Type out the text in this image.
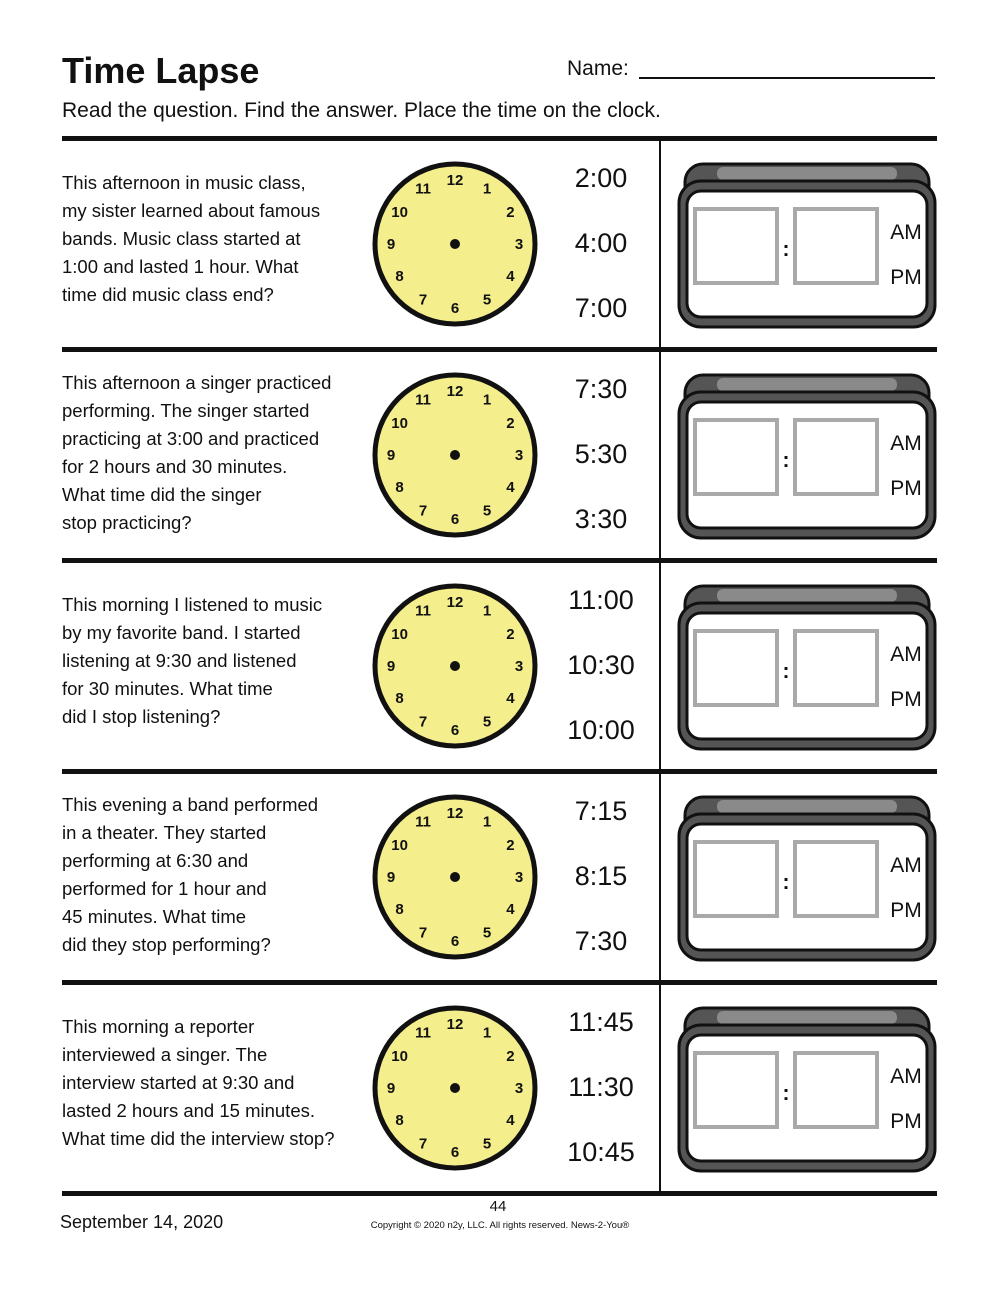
Time Lapse	Name:
Read the question. Find the answer. Place the time on the clock.
This afternoon in music class,
my sister learned about famous
bands. Music class started at
1:00 and lasted 1 hour. What
time did music class end?
12
1
2
3
4
5
6
7
8
9
10
11	2:00
4:00
7:00
:
AM
PM
This afternoon a singer practiced
performing. The singer started
practicing at 3:00 and practiced
for 2 hours and 30 minutes.
What time did the singer
stop practicing?
12
1
2
3
4
5
6
7
8
9
10
11	7:30
5:30
3:30
:
AM
PM
This morning I listened to music
by my favorite band. I started
listening at 9:30 and listened
for 30 minutes. What time
did I stop listening?
12
1
2
3
4
5
6
7
8
9
10
11	11:00
10:30
10:00
:
AM
PM
This evening a band performed
in a theater. They started
performing at 6:30 and
performed for 1 hour and
45 minutes. What time
did they stop performing?
12
1
2
3
4
5
6
7
8
9
10
11	7:15
8:15
7:30
:
AM
PM
This morning a reporter
interviewed a singer. The
interview started at 9:30 and
lasted 2 hours and 15 minutes.
What time did the interview stop?
12
1
2
3
4
5
6
7
8
9
10
11	11:45
11:30
10:45
:
AM
PM
September 14, 2020
44
Copyright © 2020 n2y, LLC. All rights reserved. News-2-You®
